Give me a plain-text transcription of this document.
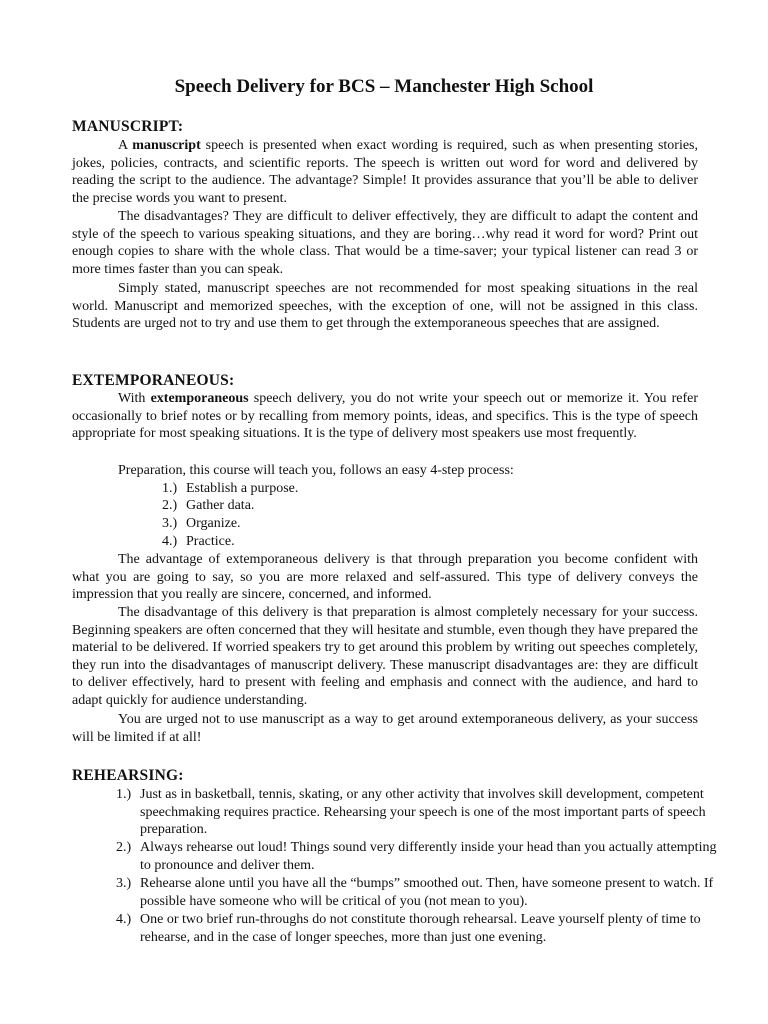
Speech Delivery for BCS – Manchester High School
MANUSCRIPT:

A manuscript speech is presented when exact wording is required, such as when presenting stories, jokes, policies, contracts, and scientific reports. The speech is written out word for word and delivered by reading the script to the audience. The advantage? Simple! It provides assurance that you’ll be able to deliver the precise words you want to present.

The disadvantages? They are difficult to deliver effectively, they are difficult to adapt the content and style of the speech to various speaking situations, and they are boring…why read it word for word? Print out enough copies to share with the whole class. That would be a time-saver; your typical listener can read 3 or more times faster than you can speak.

Simply stated, manuscript speeches are not recommended for most speaking situations in the real world. Manuscript and memorized speeches, with the exception of one, will not be assigned in this class. Students are urged not to try and use them to get through the extemporaneous speeches that are assigned.

EXTEMPORANEOUS:

With extemporaneous speech delivery, you do not write your speech out or memorize it. You refer occasionally to brief notes or by recalling from memory points, ideas, and specifics. This is the type of speech appropriate for most speaking situations. It is the type of delivery most speakers use most frequently.

Preparation, this course will teach you, follows an easy 4-step process:

1.) Establish a purpose.

2.) Gather data.

3.) Organize.

4.) Practice.

The advantage of extemporaneous delivery is that through preparation you become confident with what you are going to say, so you are more relaxed and self-assured. This type of delivery conveys the impression that you really are sincere, concerned, and informed.

The disadvantage of this delivery is that preparation is almost completely necessary for your success. Beginning speakers are often concerned that they will hesitate and stumble, even though they have prepared the material to be delivered. If worried speakers try to get around this problem by writing out speeches completely, they run into the disadvantages of manuscript delivery. These manuscript disadvantages are: they are difficult to deliver effectively, hard to present with feeling and emphasis and connect with the audience, and hard to adapt quickly for audience understanding.

You are urged not to use manuscript as a way to get around extemporaneous delivery, as your success will be limited if at all!

REHEARSING:

1.) Just as in basketball, tennis, skating, or any other activity that involves skill development, competent speechmaking requires practice. Rehearsing your speech is one of the most important parts of speech preparation.

2.) Always rehearse out loud! Things sound very differently inside your head than you actually attempting to pronounce and deliver them.

3.) Rehearse alone until you have all the “bumps” smoothed out. Then, have someone present to watch. If possible have someone who will be critical of you (not mean to you).

4.) One or two brief run-throughs do not constitute thorough rehearsal. Leave yourself plenty of time to rehearse, and in the case of longer speeches, more than just one evening.
